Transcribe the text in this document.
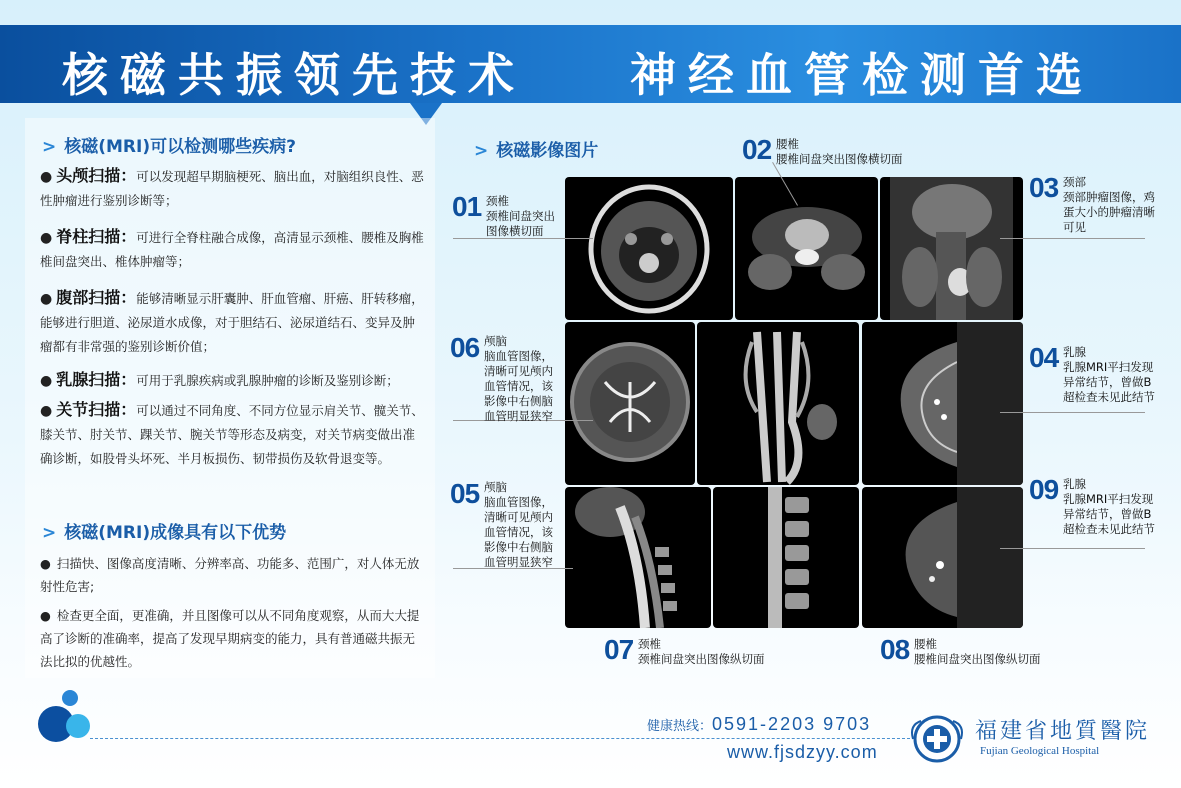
核磁共振领先技术 神经血管检测首选
> 核磁(MRI)可以检测哪些疾病?
● 头颅扫描：可以发现超早期脑梗死、脑出血，对脑组织良性、恶性肿瘤进行鉴别诊断等；
● 脊柱扫描：可进行全脊柱融合成像，高清显示颈椎、腰椎及胸椎椎间盘突出、椎体肿瘤等；
● 腹部扫描：能够清晰显示肝囊肿、肝血管瘤、肝癌、肝转移瘤，能够进行胆道、泌尿道水成像，对于胆结石、泌尿道结石、变异及肿瘤都有非常强的鉴别诊断价值；
● 乳腺扫描：可用于乳腺疾病或乳腺肿瘤的诊断及鉴别诊断；
● 关节扫描：可以通过不同角度、不同方位显示肩关节、髋关节、膝关节、肘关节、踝关节、腕关节等形态及病变，对关节病变做出准确诊断，如股骨头坏死、半月板损伤、韧带损伤及软骨退变等。
> 核磁(MRI)成像具有以下优势
● 扫描快、图像高度清晰、分辨率高、功能多、范围广，对人体无放射性危害;
● 检查更全面，更准确，并且图像可以从不同角度观察，从而大大提高了诊断的准确率，提高了发现早期病变的能力，具有普通磁共振无法比拟的优越性。
> 核磁影像图片
01 颈椎
颈椎间盘突出图像横切面
02 腰椎
腰椎间盘突出图像横切面
03 颈部
颈部肿瘤图像，鸡蛋大小的肿瘤清晰可见
04 乳腺
乳腺MRI平扫发现异常结节，曾做B超检查未见此结节
05 颅脑
脑血管图像，清晰可见颅内血管情况，该影像中右侧脑血管明显狭窄
06 颅脑
脑血管图像，清晰可见颅内血管情况，该影像中右侧脑血管明显狭窄
07 颈椎
颈椎间盘突出图像纵切面	08 腰椎
腰椎间盘突出图像纵切面
09 乳腺
乳腺MRI平扫发现异常结节，曾做B超检查未见此结节
健康热线：0591-2203 9703
www.fjsdzyy.com
福建省地質醫院
Fujian Geological Hospital
